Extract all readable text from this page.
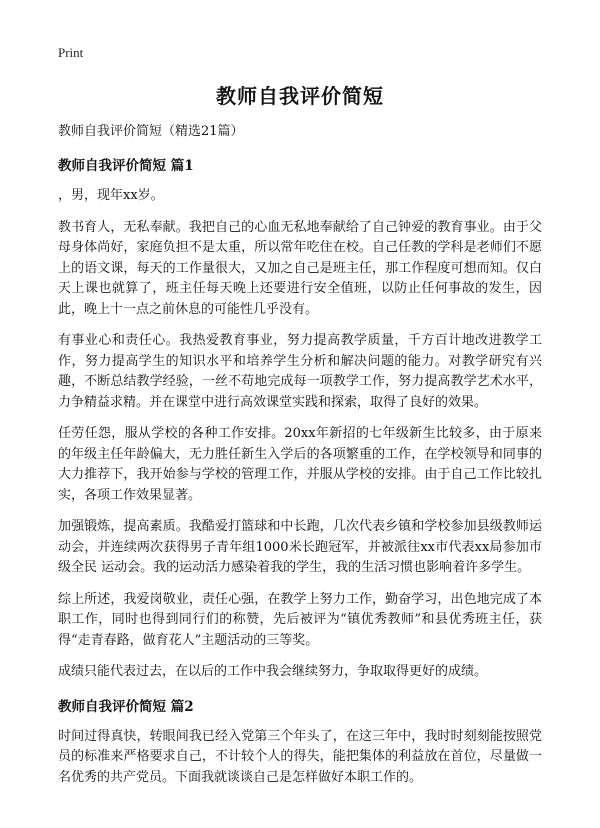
Print

教师自我评价简短

教师自我评价简短（精选21篇）

教师自我评价简短 篇1

，男，现年xx岁。

教书育人，无私奉献。我把自己的心血无私地奉献给了自己钟爱的教育事业。由于父母身体尚好，家庭负担不是太重，所以常年吃住在校。自己任教的学科是老师们不愿上的语文课，每天的工作量很大，又加之自己是班主任，那工作程度可想而知。仅白天上课也就算了，班主任每天晚上还要进行安全值班，以防止任何事故的发生，因此，晚上十一点之前休息的可能性几乎没有。

有事业心和责任心。我热爱教育事业，努力提高教学质量，千方百计地改进教学工作，努力提高学生的知识水平和培养学生分析和解决问题的能力。对教学研究有兴趣，不断总结教学经验，一丝不苟地完成每一项教学工作，努力提高教学艺术水平，力争精益求精。并在课堂中进行高效课堂实践和探索，取得了良好的效果。

任劳任怨，服从学校的各种工作安排。20xx年新招的七年级新生比较多，由于原来的年级主任年龄偏大，无力胜任新生入学后的各项繁重的工作，在学校领导和同事的大力推荐下，我开始参与学校的管理工作，并服从学校的安排。由于自己工作比较扎实，各项工作效果显著。

加强锻炼，提高素质。我酷爱打篮球和中长跑，几次代表乡镇和学校参加县级教师运动会，并连续两次获得男子青年组1000米长跑冠军，并被派往xx市代表xx局参加市级全民 运动会。我的运动活力感染着我的学生，我的生活习惯也影响着许多学生。

综上所述，我爱岗敬业，责任心强，在教学上努力工作，勤奋学习，出色地完成了本职工作，同时也得到同行们的称赞，先后被评为“镇优秀教师”和县优秀班主任，获得“走青春路，做育花人”主题活动的三等奖。

成绩只能代表过去，在以后的工作中我会继续努力，争取取得更好的成绩。

教师自我评价简短 篇2

时间过得真快，转眼间我已经入党第三个年头了，在这三年中，我时时刻刻能按照党员的标准来严格要求自己，不计较个人的得失，能把集体的利益放在首位，尽量做一名优秀的共产党员。下面我就谈谈自己是怎样做好本职工作的。
